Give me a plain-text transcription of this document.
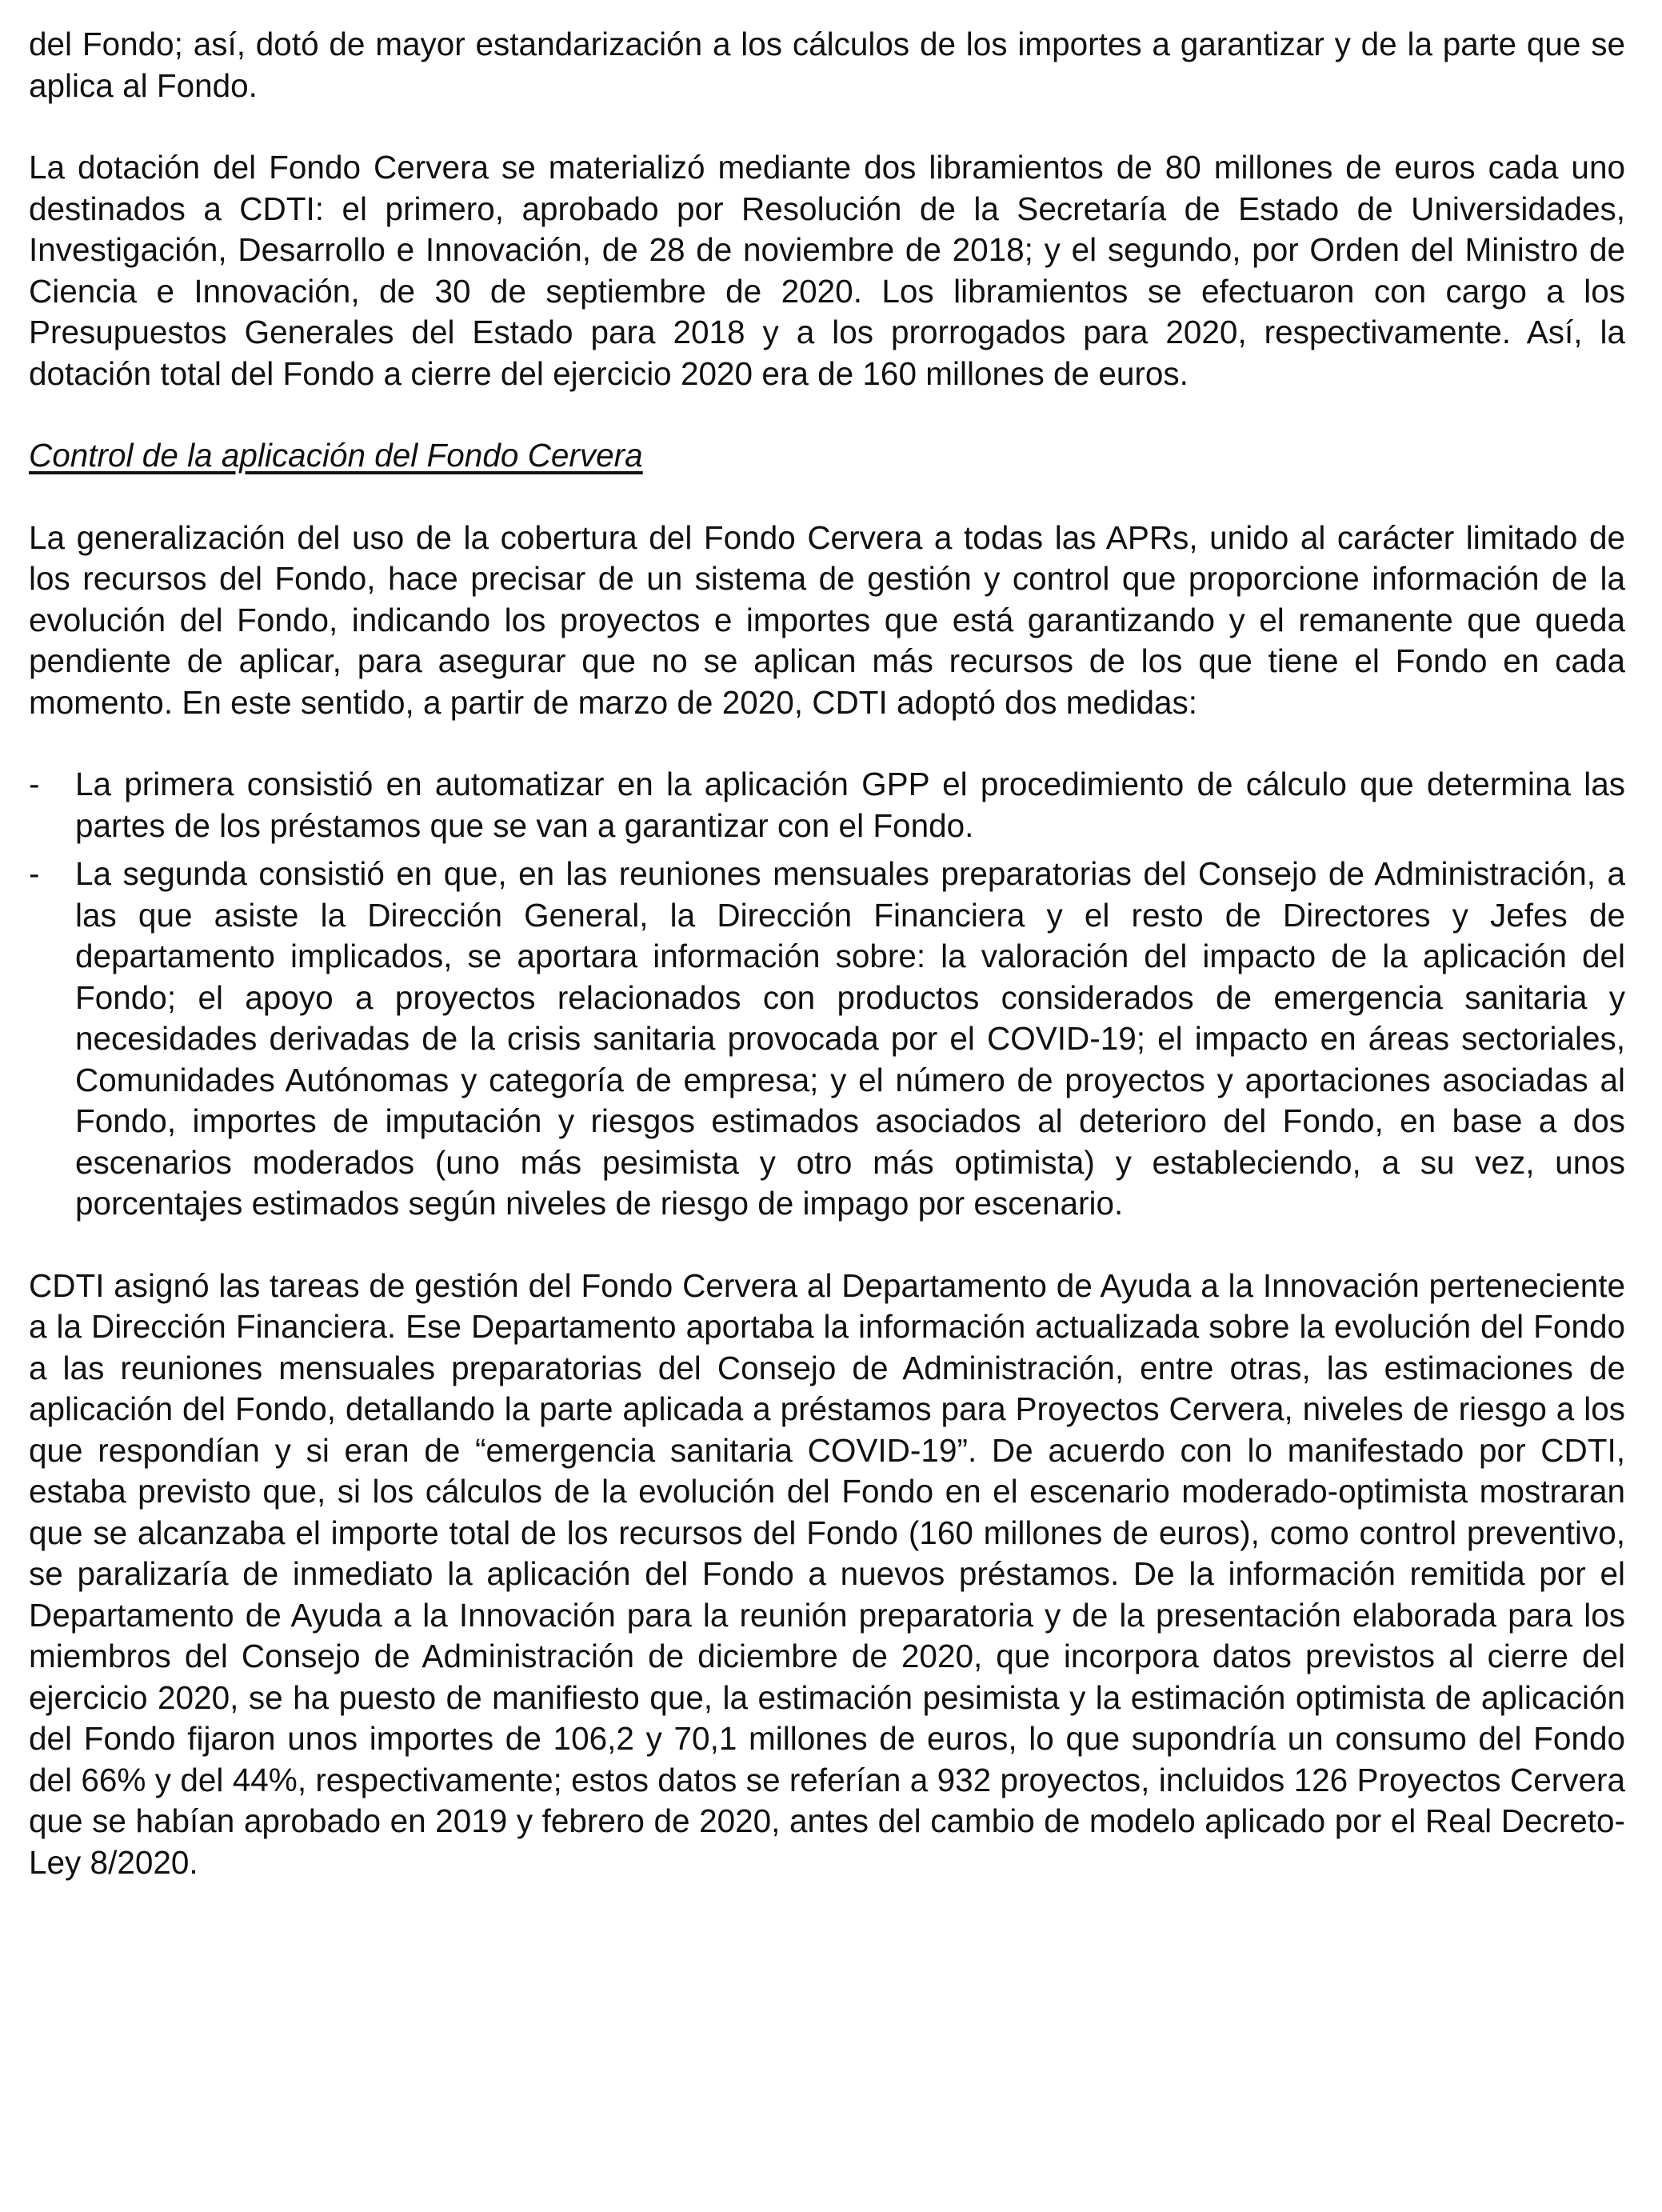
del Fondo; así, dotó de mayor estandarización a los cálculos de los importes a garantizar y de la parte que se aplica al Fondo.

La dotación del Fondo Cervera se materializó mediante dos libramientos de 80 millones de euros cada uno destinados a CDTI: el primero, aprobado por Resolución de la Secretaría de Estado de Universidades, Investigación, Desarrollo e Innovación, de 28 de noviembre de 2018; y el segundo, por Orden del Ministro de Ciencia e Innovación, de 30 de septiembre de 2020. Los libramientos se efectuaron con cargo a los Presupuestos Generales del Estado para 2018 y a los prorrogados para 2020, respectivamente. Así, la dotación total del Fondo a cierre del ejercicio 2020 era de 160 millones de euros.

Control de la aplicación del Fondo Cervera

La generalización del uso de la cobertura del Fondo Cervera a todas las APRs, unido al carácter limitado de los recursos del Fondo, hace precisar de un sistema de gestión y control que proporcione información de la evolución del Fondo, indicando los proyectos e importes que está garantizando y el remanente que queda pendiente de aplicar, para asegurar que no se aplican más recursos de los que tiene el Fondo en cada momento. En este sentido, a partir de marzo de 2020, CDTI adoptó dos medidas:

- La primera consistió en automatizar en la aplicación GPP el procedimiento de cálculo que determina las partes de los préstamos que se van a garantizar con el Fondo.
- La segunda consistió en que, en las reuniones mensuales preparatorias del Consejo de Administración, a las que asiste la Dirección General, la Dirección Financiera y el resto de Directores y Jefes de departamento implicados, se aportara información sobre: la valoración del impacto de la aplicación del Fondo; el apoyo a proyectos relacionados con productos considerados de emergencia sanitaria y necesidades derivadas de la crisis sanitaria provocada por el COVID-19; el impacto en áreas sectoriales, Comunidades Autónomas y categoría de empresa; y el número de proyectos y aportaciones asociadas al Fondo, importes de imputación y riesgos estimados asociados al deterioro del Fondo, en base a dos escenarios moderados (uno más pesimista y otro más optimista) y estableciendo, a su vez, unos porcentajes estimados según niveles de riesgo de impago por escenario.

CDTI asignó las tareas de gestión del Fondo Cervera al Departamento de Ayuda a la Innovación perteneciente a la Dirección Financiera. Ese Departamento aportaba la información actualizada sobre la evolución del Fondo a las reuniones mensuales preparatorias del Consejo de Administración, entre otras, las estimaciones de aplicación del Fondo, detallando la parte aplicada a préstamos para Proyectos Cervera, niveles de riesgo a los que respondían y si eran de “emergencia sanitaria COVID-19”. De acuerdo con lo manifestado por CDTI, estaba previsto que, si los cálculos de la evolución del Fondo en el escenario moderado-optimista mostraran que se alcanzaba el importe total de los recursos del Fondo (160 millones de euros), como control preventivo, se paralizaría de inmediato la aplicación del Fondo a nuevos préstamos. De la información remitida por el Departamento de Ayuda a la Innovación para la reunión preparatoria y de la presentación elaborada para los miembros del Consejo de Administración de diciembre de 2020, que incorpora datos previstos al cierre del ejercicio 2020, se ha puesto de manifiesto que, la estimación pesimista y la estimación optimista de aplicación del Fondo fijaron unos importes de 106,2 y 70,1 millones de euros, lo que supondría un consumo del Fondo del 66% y del 44%, respectivamente; estos datos se referían a 932 proyectos, incluidos 126 Proyectos Cervera que se habían aprobado en 2019 y febrero de 2020, antes del cambio de modelo aplicado por el Real Decreto-Ley 8/2020.
